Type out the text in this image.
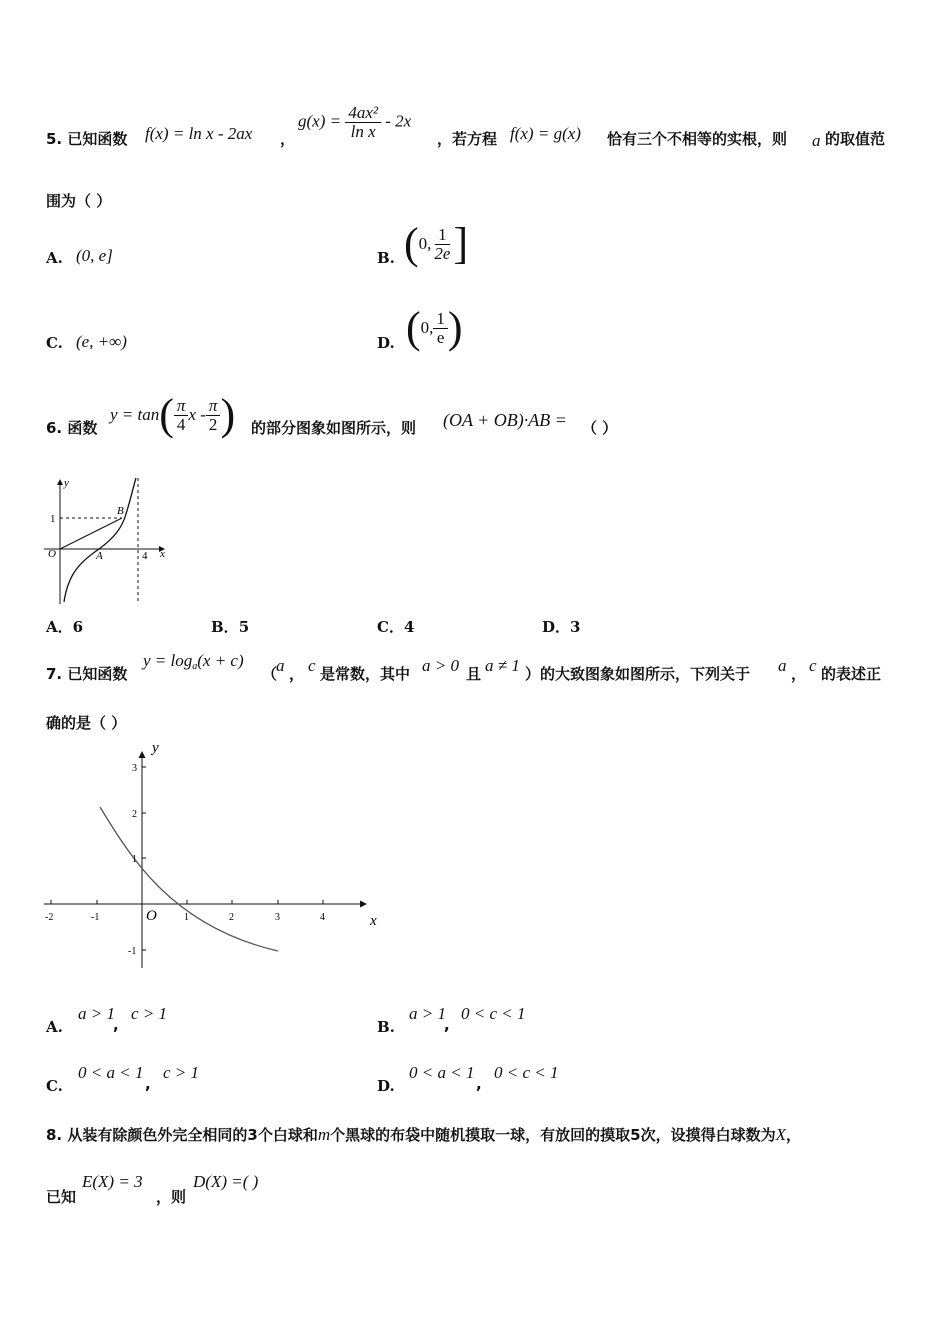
5. 已知函数 f(x) = ln x - 2ax ，
$g(x) = \frac{\text{4ax²}}{\text{ln x}} - 2x$
，若方程 f(x) = g(x) 恰有三个不相等的实根，则 a 的取值范
围为（ ）
A. (0, e]	B. (0, $\frac{1}{2e}$ ]
C. (e, +∞)	D. (0, $\frac{1}{e}$ )
6. 函数
$y = \tan( \frac{\pi}{4}$ x - $\frac{\pi}{2}$ ) 的部分图象如图所示，则 (OA + OB)·AB = （ ）
y
x
O	A
B
1
4
A．6	B．5	C．4	D．3
7. 已知函数
$y = \log_a(x + c)$
（
a ， c 是常数，其中 a > 0 且 a ≠ 1 ）的大致图象如图所示，下列关于 a ， c 的表述正
确的是（ ）
y
x
O
-2	-1	1	2	3	4
3
2
1
-1
A.
a > 1
,
c > 1
B.
a > 1
,
0 < c < 1
C.
0 < a < 1
,
c > 1
D.
0 < a < 1
,
0 < c < 1
8. 从装有除颜色外完全相同的3个白球和m个黑球的布袋中随机摸取一球，有放回的摸取5次，设摸得白球数为X，
已知
E(X) = 3
，则
D(X) =( )
